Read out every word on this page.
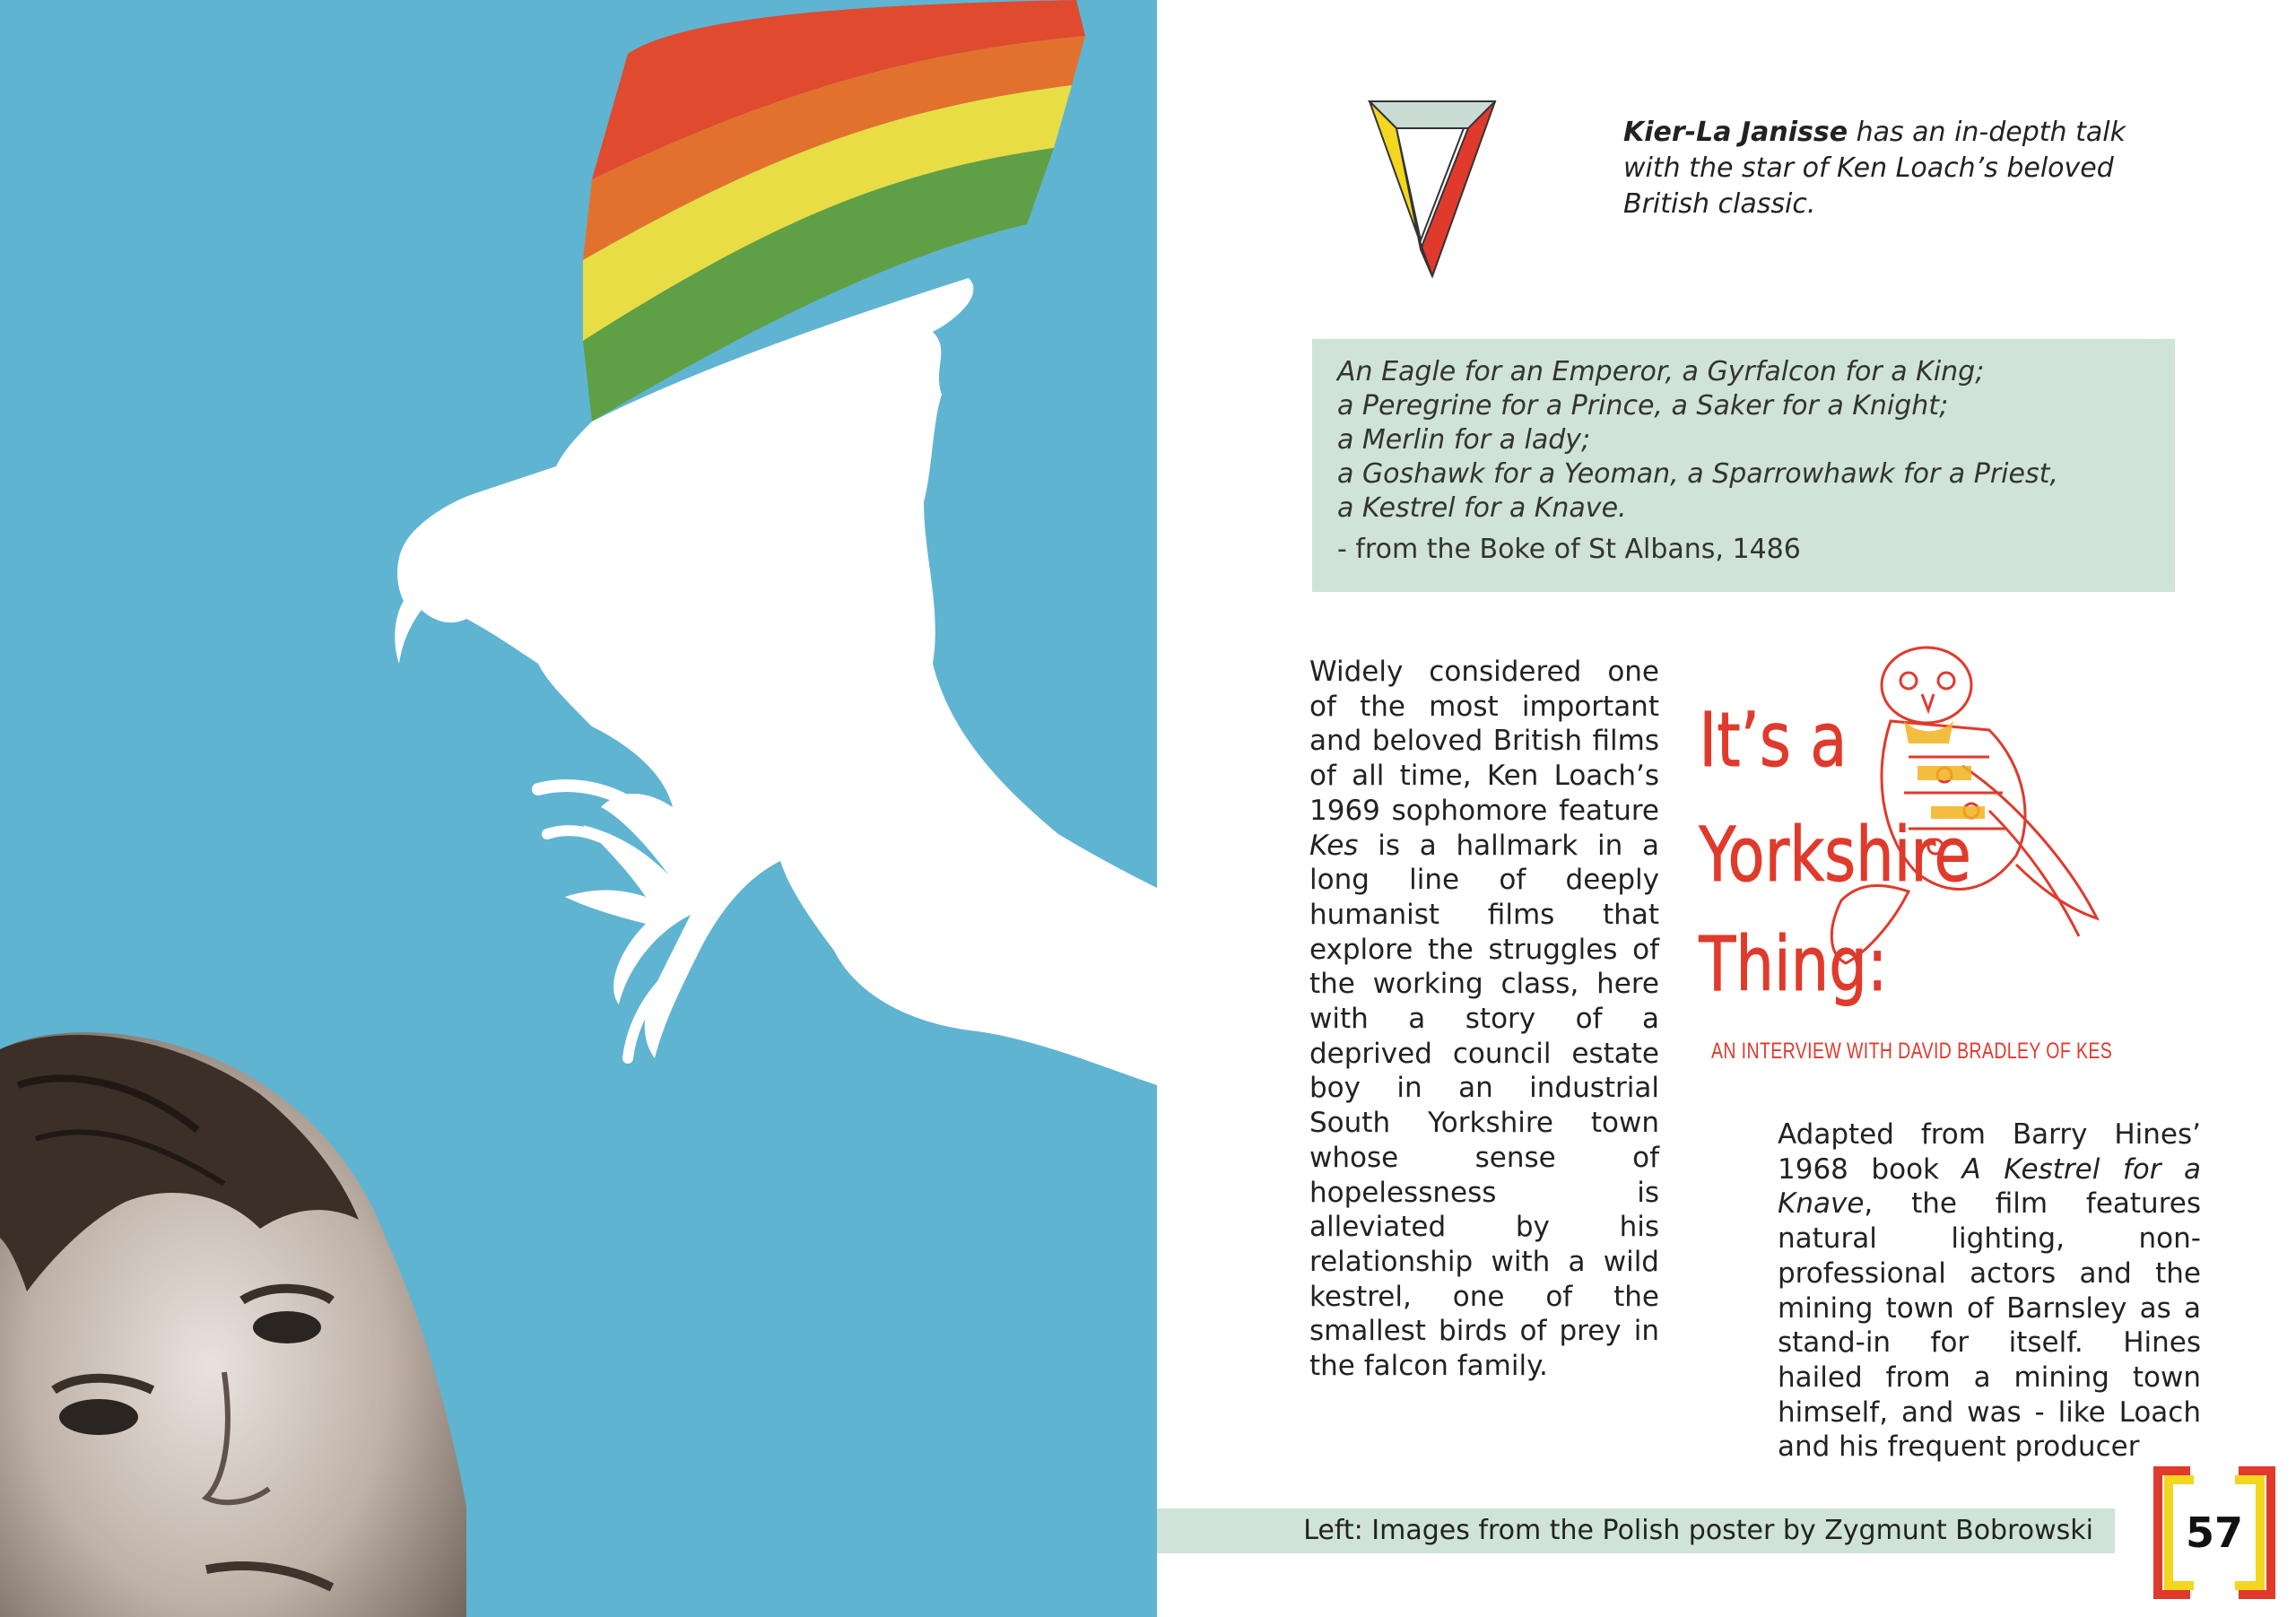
Kier-La Janisse has an in-depth talk with the star of Ken Loach’s beloved British classic.
An Eagle for an Emperor, a Gyrfalcon for a King;
a Peregrine for a Prince, a Saker for a Knight;
a Merlin for a lady;
a Goshawk for a Yeoman, a Sparrowhawk for a Priest,
a Kestrel for a Knave.
- from the Boke of St Albans, 1486
It’s a
Yorkshire
Thing:
AN INTERVIEW WITH DAVID BRADLEY OF KES

Widely considered one of the most important and beloved British films of all time, Ken Loach’s 1969 sophomore feature Kes is a hallmark in a long line of deeply humanist films that explore the struggles of the working class, here with a story of a deprived council estate boy in an industrial South Yorkshire town whose sense of hopelessness is alleviated by his relationship with a wild kestrel, one of the smallest birds of prey in the falcon family.

Adapted from Barry Hines’ 1968 book A Kestrel for a Knave, the film features natural lighting, non-professional actors and the mining town of Barnsley as a stand-in for itself. Hines hailed from a mining town himself, and was - like Loach and his frequent producer

Left: Images from the Polish poster by Zygmunt Bobrowski	57
